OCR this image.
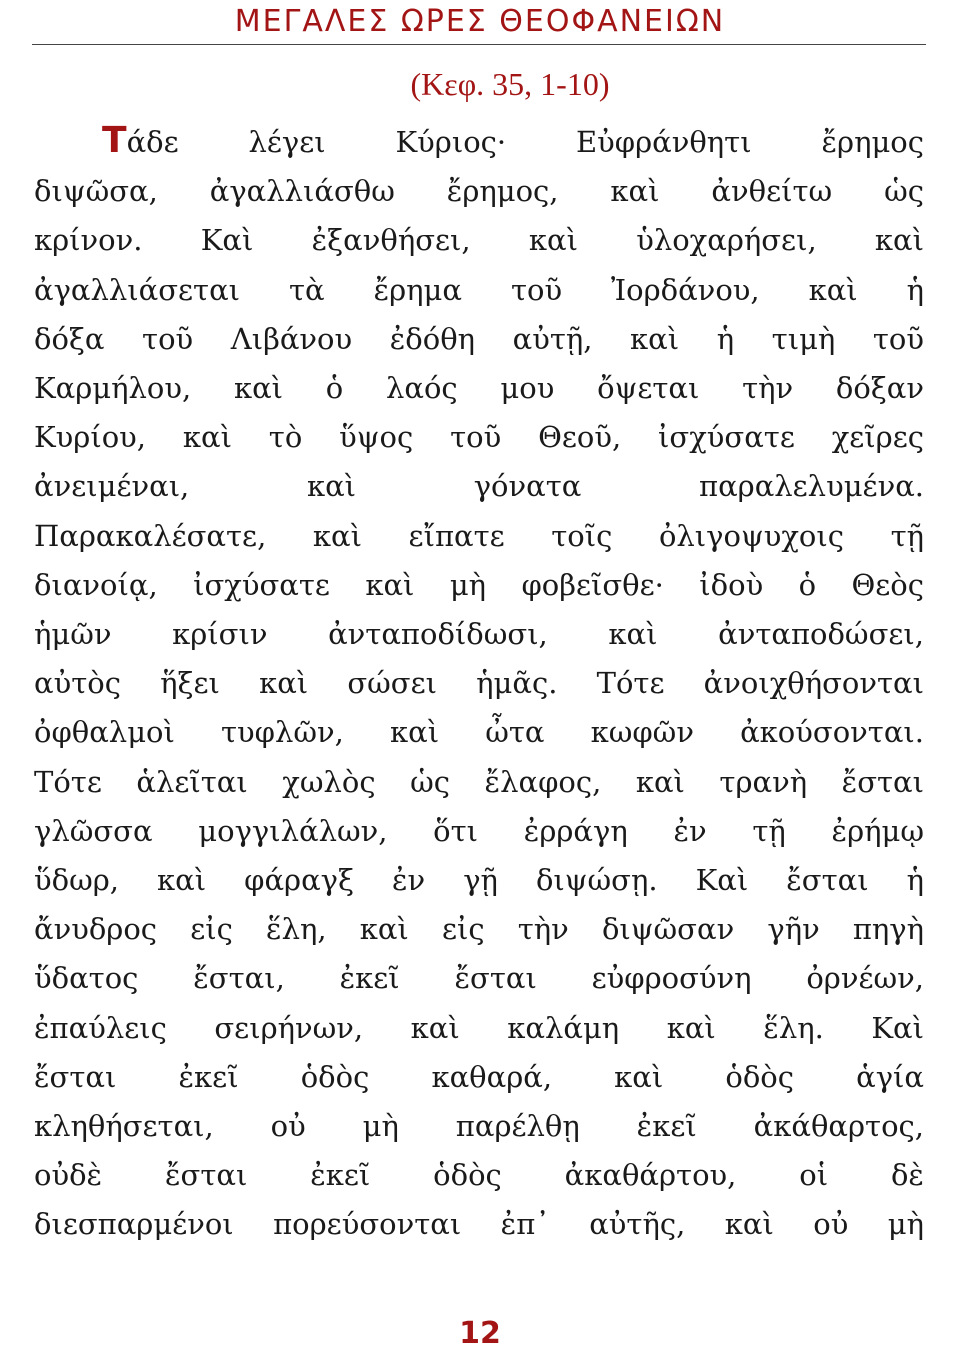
ΜΕΓΑΛΕΣ ΩΡΕΣ ΘΕΟΦΑΝΕΙΩΝ

(Κεφ. 35, 1-10)

Τάδε λέγει Κύριος· Εὐφράνθητι ἔρημος
διψῶσα, ἀγαλλιάσθω ἔρημος, καὶ ἀνθείτω ὡς
κρίνον. Καὶ ἐξανθήσει, καὶ ὑλοχαρήσει, καὶ
ἀγαλλιάσεται τὰ ἔρημα τοῦ Ἰορδάνου, καὶ ἡ
δόξα τοῦ Λιβάνου ἐδόθη αὐτῇ, καὶ ἡ τιμὴ τοῦ
Καρμήλου, καὶ ὁ λαός μου ὄψεται τὴν δόξαν
Κυρίου, καὶ τὸ ὕψος τοῦ Θεοῦ, ἰσχύσατε χεῖρες
ἀνειμέναι, καὶ γόνατα παραλελυμένα.
Παρακαλέσατε, καὶ εἴπατε τοῖς ὀλιγοψυχοις τῇ
διανοίᾳ, ἰσχύσατε καὶ μὴ φοβεῖσθε· ἰδοὺ ὁ Θεὸς
ἡμῶν κρίσιν ἀνταποδίδωσι, καὶ ἀνταποδώσει,
αὐτὸς ἥξει καὶ σώσει ἡμᾶς. Τότε ἀνοιχθήσονται
ὀφθαλμοὶ τυφλῶν, καὶ ὦτα κωφῶν ἀκούσονται.
Τότε ἁλεῖται χωλὸς ὡς ἔλαφος, καὶ τρανὴ ἔσται
γλῶσσα μογγιλάλων, ὅτι ἐρράγη ἐν τῇ ἐρήμῳ
ὕδωρ, καὶ φάραγξ ἐν γῇ διψώσῃ. Καὶ ἔσται ἡ
ἄνυδρος εἰς ἕλη, καὶ εἰς τὴν διψῶσαν γῆν πηγὴ
ὕδατος ἔσται, ἐκεῖ ἔσται εὐφροσύνη ὀρνέων,
ἐπαύλεις σειρήνων, καὶ καλάμη καὶ ἕλη. Καὶ
ἔσται ἐκεῖ ὁδὸς καθαρά, καὶ ὁδὸς ἁγία
κληθήσεται, οὐ μὴ παρέλθῃ ἐκεῖ ἀκάθαρτος,
οὐδὲ ἔσται ἐκεῖ ὁδὸς ἀκαθάρτου, οἱ δὲ
διεσπαρμένοι πορεύσονται ἐπ᾽ αὐτῆς, καὶ οὐ μὴ

12
